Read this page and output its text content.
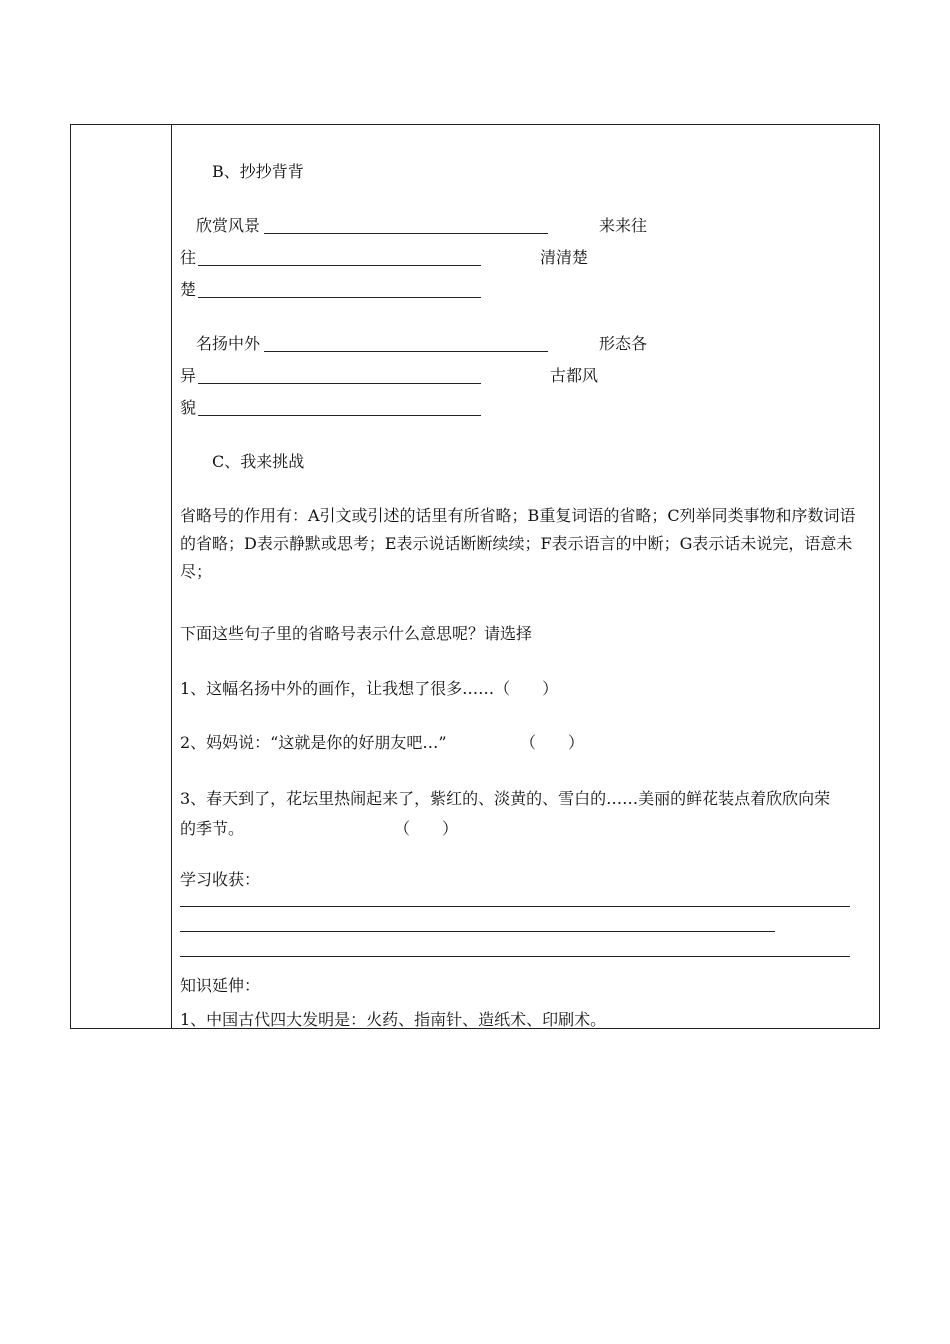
B、抄抄背背
欣赏风景	来来往
往	清清楚
楚
名扬中外	形态各
异	古都风
貌
C、我来挑战
省略号的作用有：A引文或引述的话里有所省略；B重复词语的省略；C列举同类事物和序数词语的省略；D表示静默或思考；E表示说话断断续续；F表示语言的中断；G表示话未说完，语意未尽；
下面这些句子里的省略号表示什么意思呢？请选择
1、这幅名扬中外的画作，让我想了很多……（　　）
2、妈妈说：“这就是你的好朋友吧…”	（　　）
3、春天到了，花坛里热闹起来了，紫红的、淡黄的、雪白的……美丽的鲜花装点着欣欣向荣
的季节。	（　　）
学习收获：
知识延伸：
1、中国古代四大发明是：火药、指南针、造纸术、印刷术。
